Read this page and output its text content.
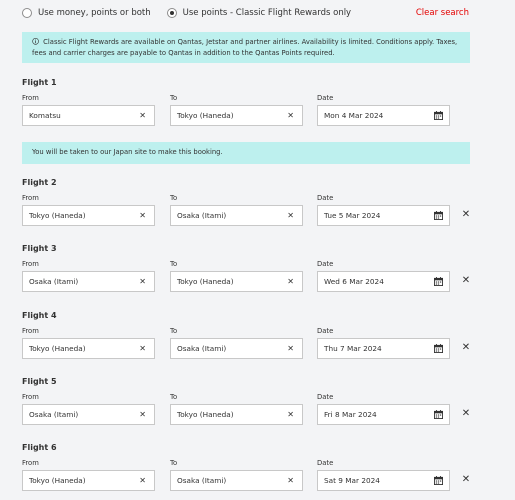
Use money, points or both	Use points - Classic Flight Rewards only	Clear search
🛈 Classic Flight Rewards are available on Qantas, Jetstar and partner airlines. Availability is limited. Conditions apply. Taxes, fees and carrier charges are payable to Qantas in addition to the Qantas Points required.
You will be taken to our Japan site to make this booking.
Flight 1
From
Komatsu	✕
To
Tokyo (Haneda)	✕
Date
Mon 4 Mar 2024
Flight 2
From
Tokyo (Haneda)	✕
To
Osaka (Itami)	✕
Date
Tue 5 Mar 2024	✕
Flight 3
From
Osaka (Itami)	✕
To
Tokyo (Haneda)	✕
Date
Wed 6 Mar 2024	✕
Flight 4
From
Tokyo (Haneda)	✕
To
Osaka (Itami)	✕
Date
Thu 7 Mar 2024	✕
Flight 5
From
Osaka (Itami)	✕
To
Tokyo (Haneda)	✕
Date
Fri 8 Mar 2024	✕
Flight 6
From
Tokyo (Haneda)	✕
To
Osaka (Itami)	✕
Date
Sat 9 Mar 2024	✕
